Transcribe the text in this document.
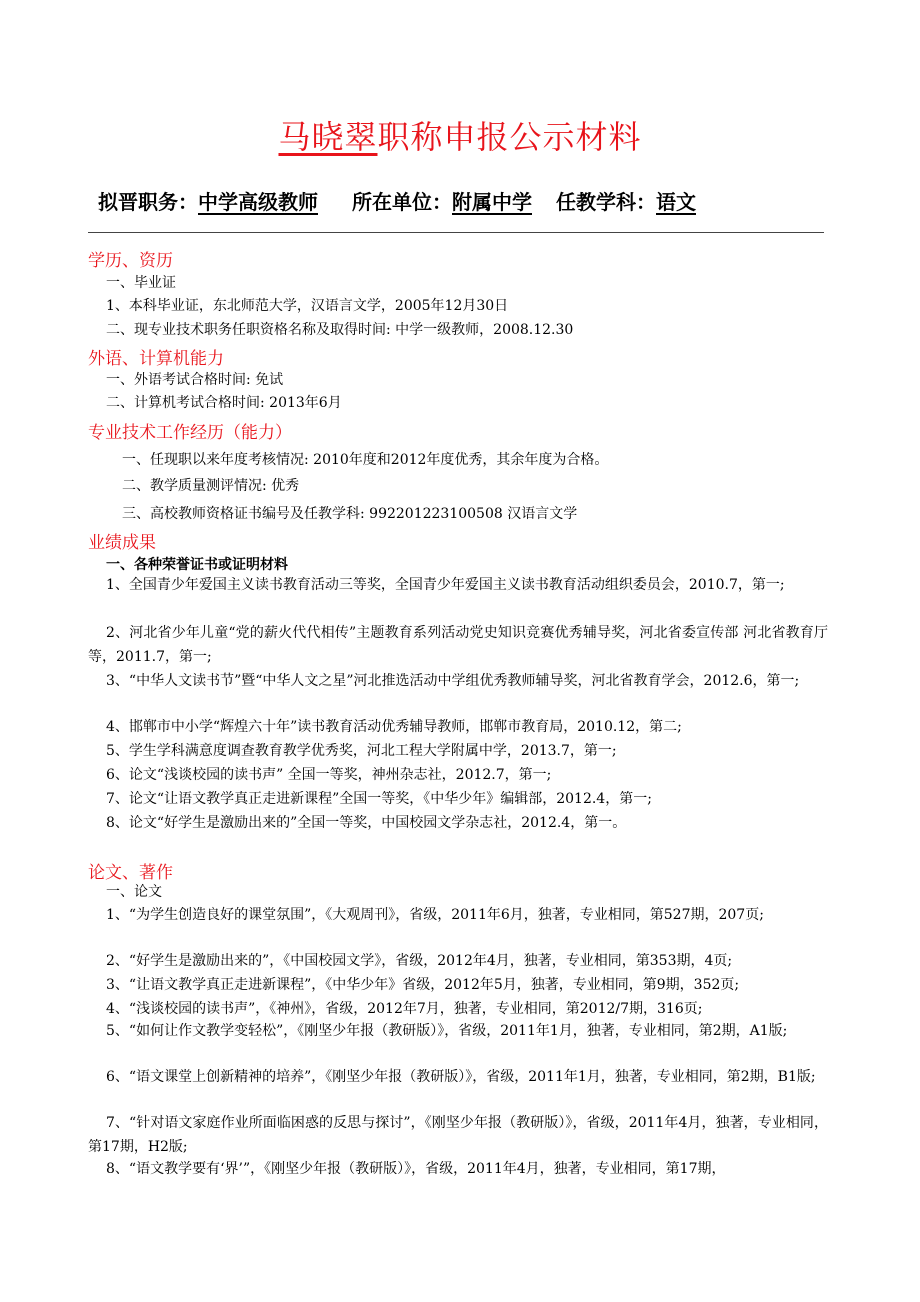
马晓翠职称申报公示材料
拟晋职务：中学高级教师 所在单位：附属中学 任教学科：语文
学历、资历
一、毕业证
1、本科毕业证，东北师范大学，汉语言文学，2005年12月30日
二、现专业技术职务任职资格名称及取得时间: 中学一级教师，2008.12.30
外语、计算机能力
一、外语考试合格时间: 免试
二、计算机考试合格时间: 2013年6月
专业技术工作经历（能力）
一、任现职以来年度考核情况: 2010年度和2012年度优秀，其余年度为合格。
二、教学质量测评情况: 优秀
三、高校教师资格证书编号及任教学科: 992201223100508 汉语言文学
业绩成果
一、各种荣誉证书或证明材料
1、全国青少年爱国主义读书教育活动三等奖，全国青少年爱国主义读书教育活动组织委员会，2010.7，第一;
2、河北省少年儿童“党的薪火代代相传”主题教育系列活动党史知识竞赛优秀辅导奖，河北省委宣传部 河北省教育厅等，2011.7，第一;
3、“中华人文读书节”暨“中华人文之星”河北推选活动中学组优秀教师辅导奖，河北省教育学会，2012.6，第一;
4、邯郸市中小学“辉煌六十年”读书教育活动优秀辅导教师，邯郸市教育局，2010.12，第二;
5、学生学科满意度调查教育教学优秀奖，河北工程大学附属中学，2013.7，第一;
6、论文“浅谈校园的读书声” 全国一等奖，神州杂志社，2012.7，第一;
7、论文“让语文教学真正走进新课程”全国一等奖，《中华少年》编辑部，2012.4，第一;
8、论文“好学生是激励出来的”全国一等奖，中国校园文学杂志社，2012.4，第一。
论文、著作
一、论文
1、“为学生创造良好的课堂氛围”，《大观周刊》，省级，2011年6月，独著，专业相同，第527期，207页;
2、“好学生是激励出来的”，《中国校园文学》，省级，2012年4月，独著，专业相同，第353期，4页;
3、“让语文教学真正走进新课程”，《中华少年》省级，2012年5月，独著，专业相同，第9期，352页;
4、“浅谈校园的读书声”，《神州》，省级，2012年7月，独著，专业相同，第2012/7期，316页;
5、“如何让作文教学变轻松”，《刚坚少年报（教研版）》，省级，2011年1月，独著，专业相同，第2期，A1版;
6、“语文课堂上创新精神的培养”，《刚坚少年报（教研版）》，省级，2011年1月，独著，专业相同，第2期，B1版;
7、“针对语文家庭作业所面临困惑的反思与探讨”，《刚坚少年报（教研版）》，省级，2011年4月，独著，专业相同，第17期，H2版;
8、“语文教学要有‘界’”，《刚坚少年报（教研版）》，省级，2011年4月，独著，专业相同，第17期，
